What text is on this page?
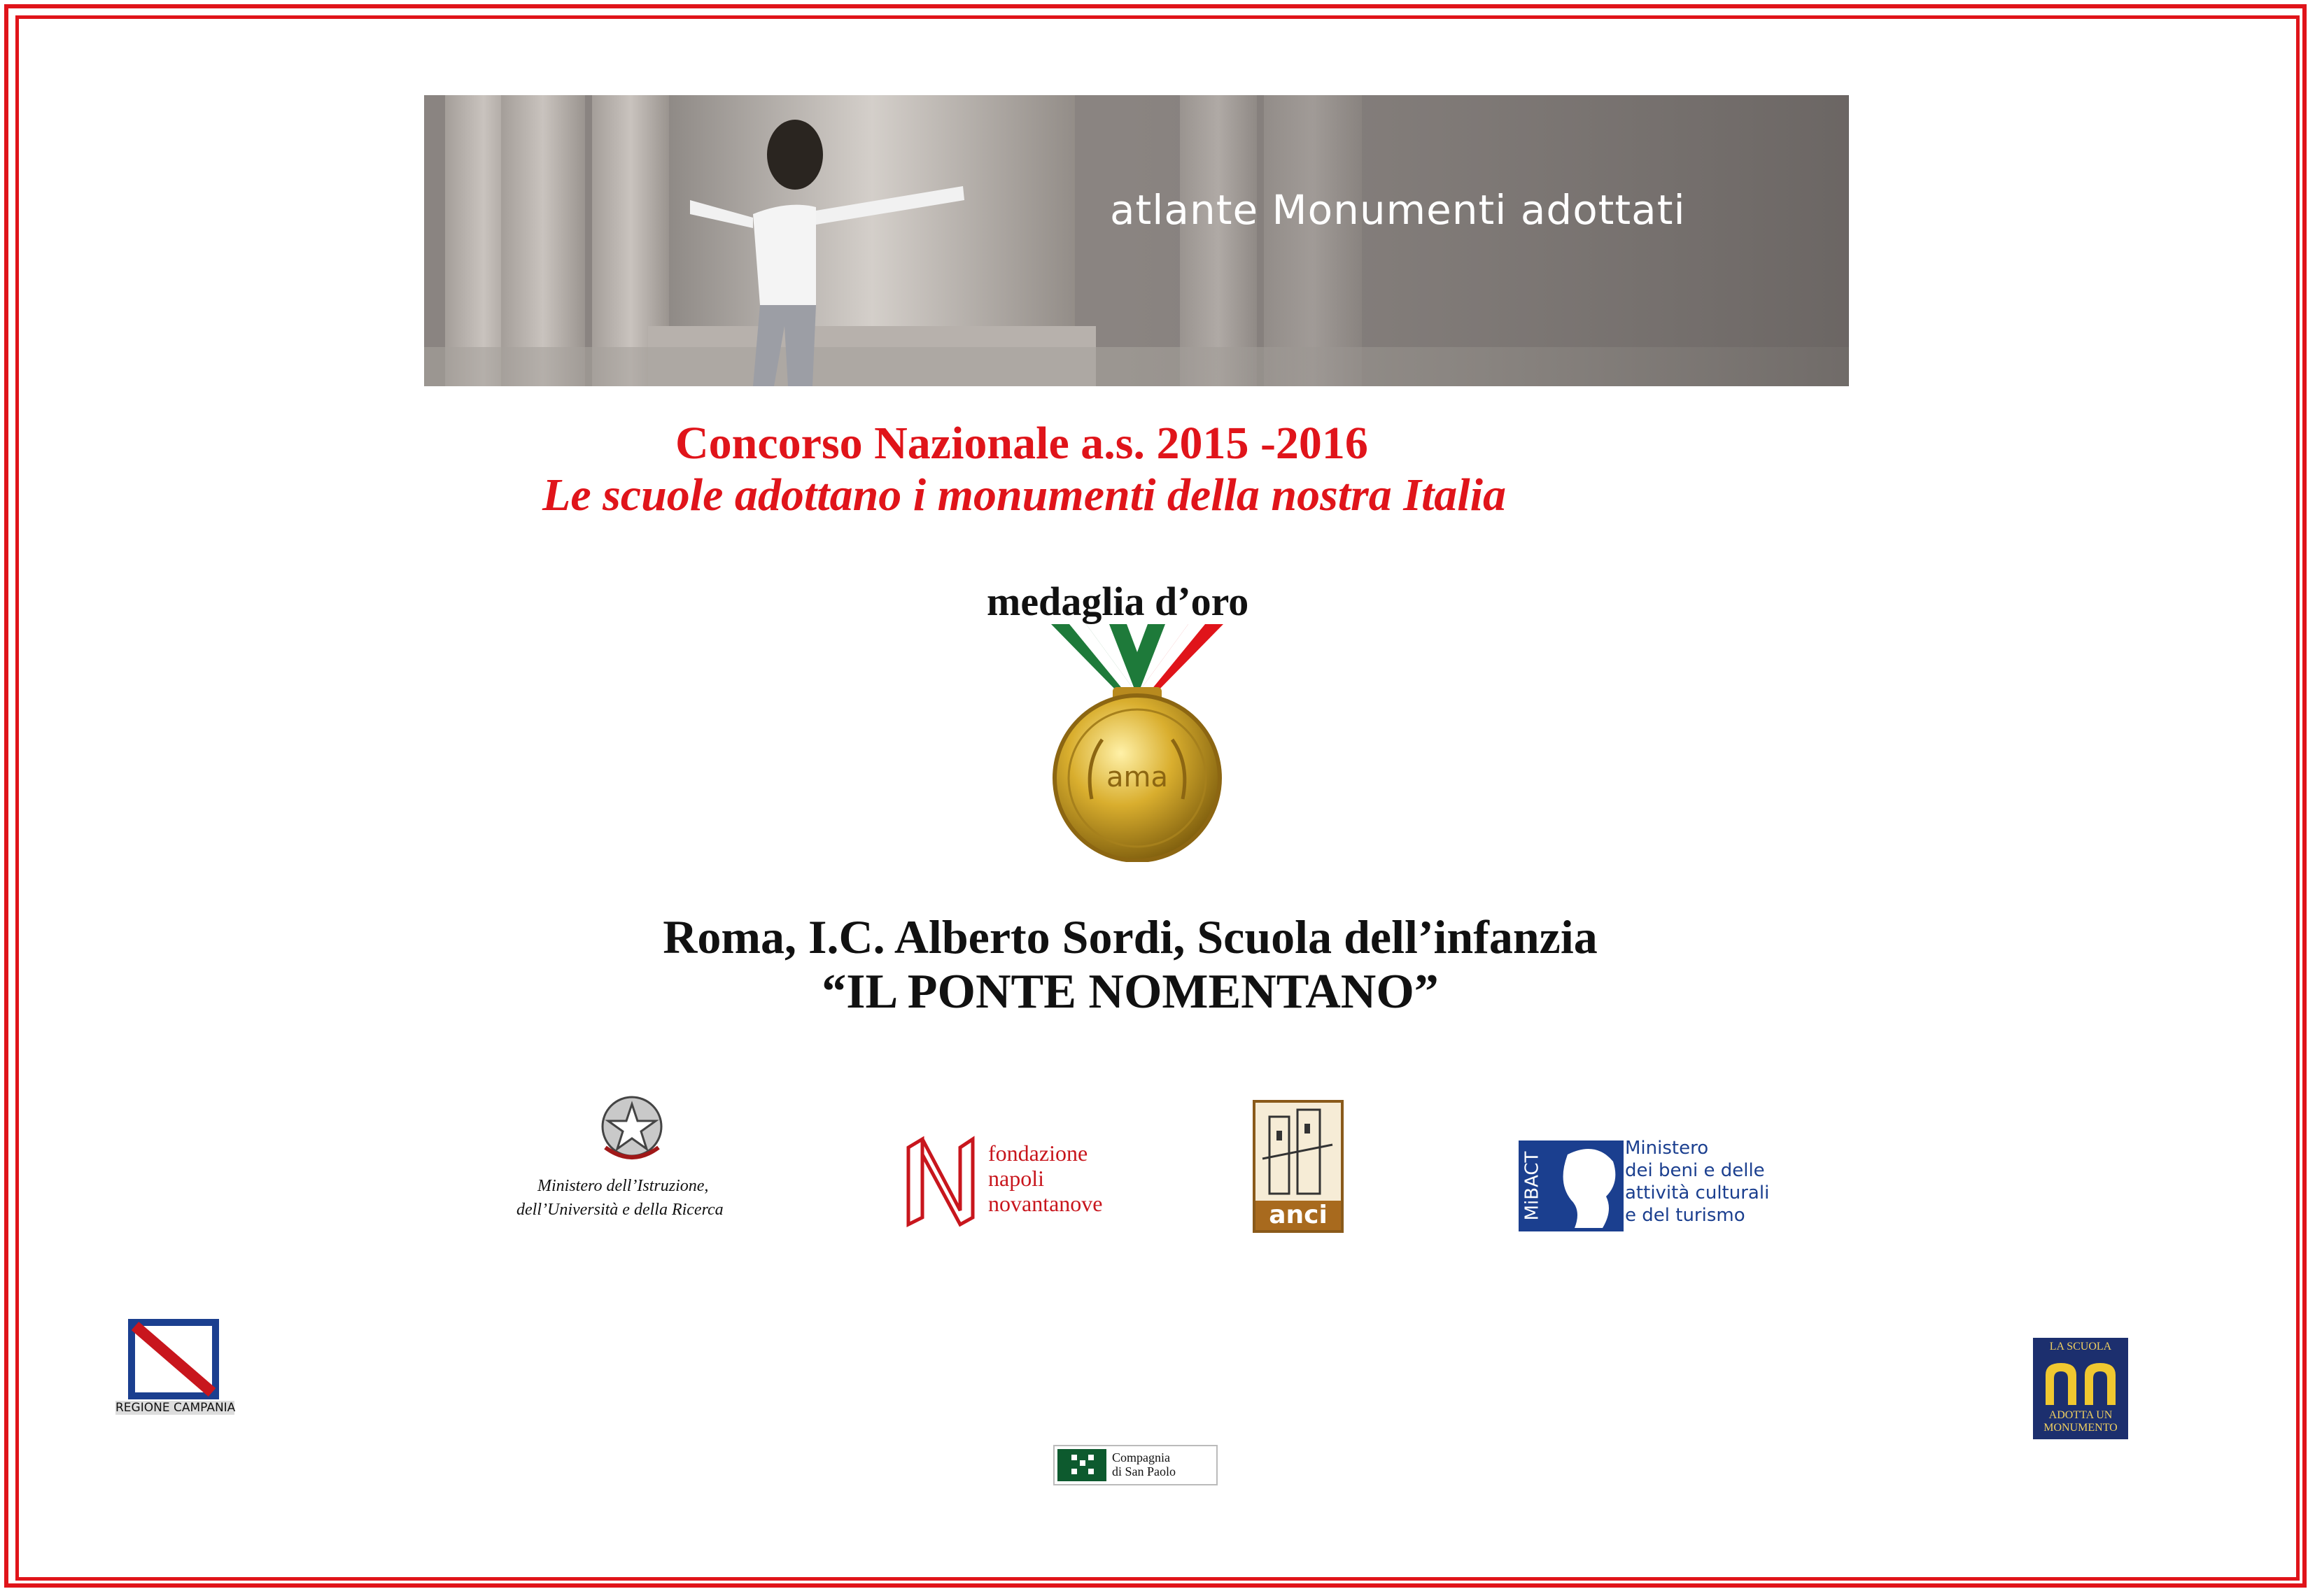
atlante Monumenti adottati
Concorso Nazionale a.s. 2015 -2016
Le scuole adottano i monumenti della nostra Italia
medaglia d’oro
ama
Roma, I.C. Alberto Sordi, Scuola dell’infanzia
“IL PONTE NOMENTANO”
Ministero dell’Istruzione,
dell’Università e della Ricerca
fondazione
napoli
novantanove	anci	MiBACT
Ministero
dei beni e delle
attività culturali
e del turismo
REGIONE CAMPANIA
Compagnia
di San Paolo
LA SCUOLA
ADOTTA UN
MONUMENTO
